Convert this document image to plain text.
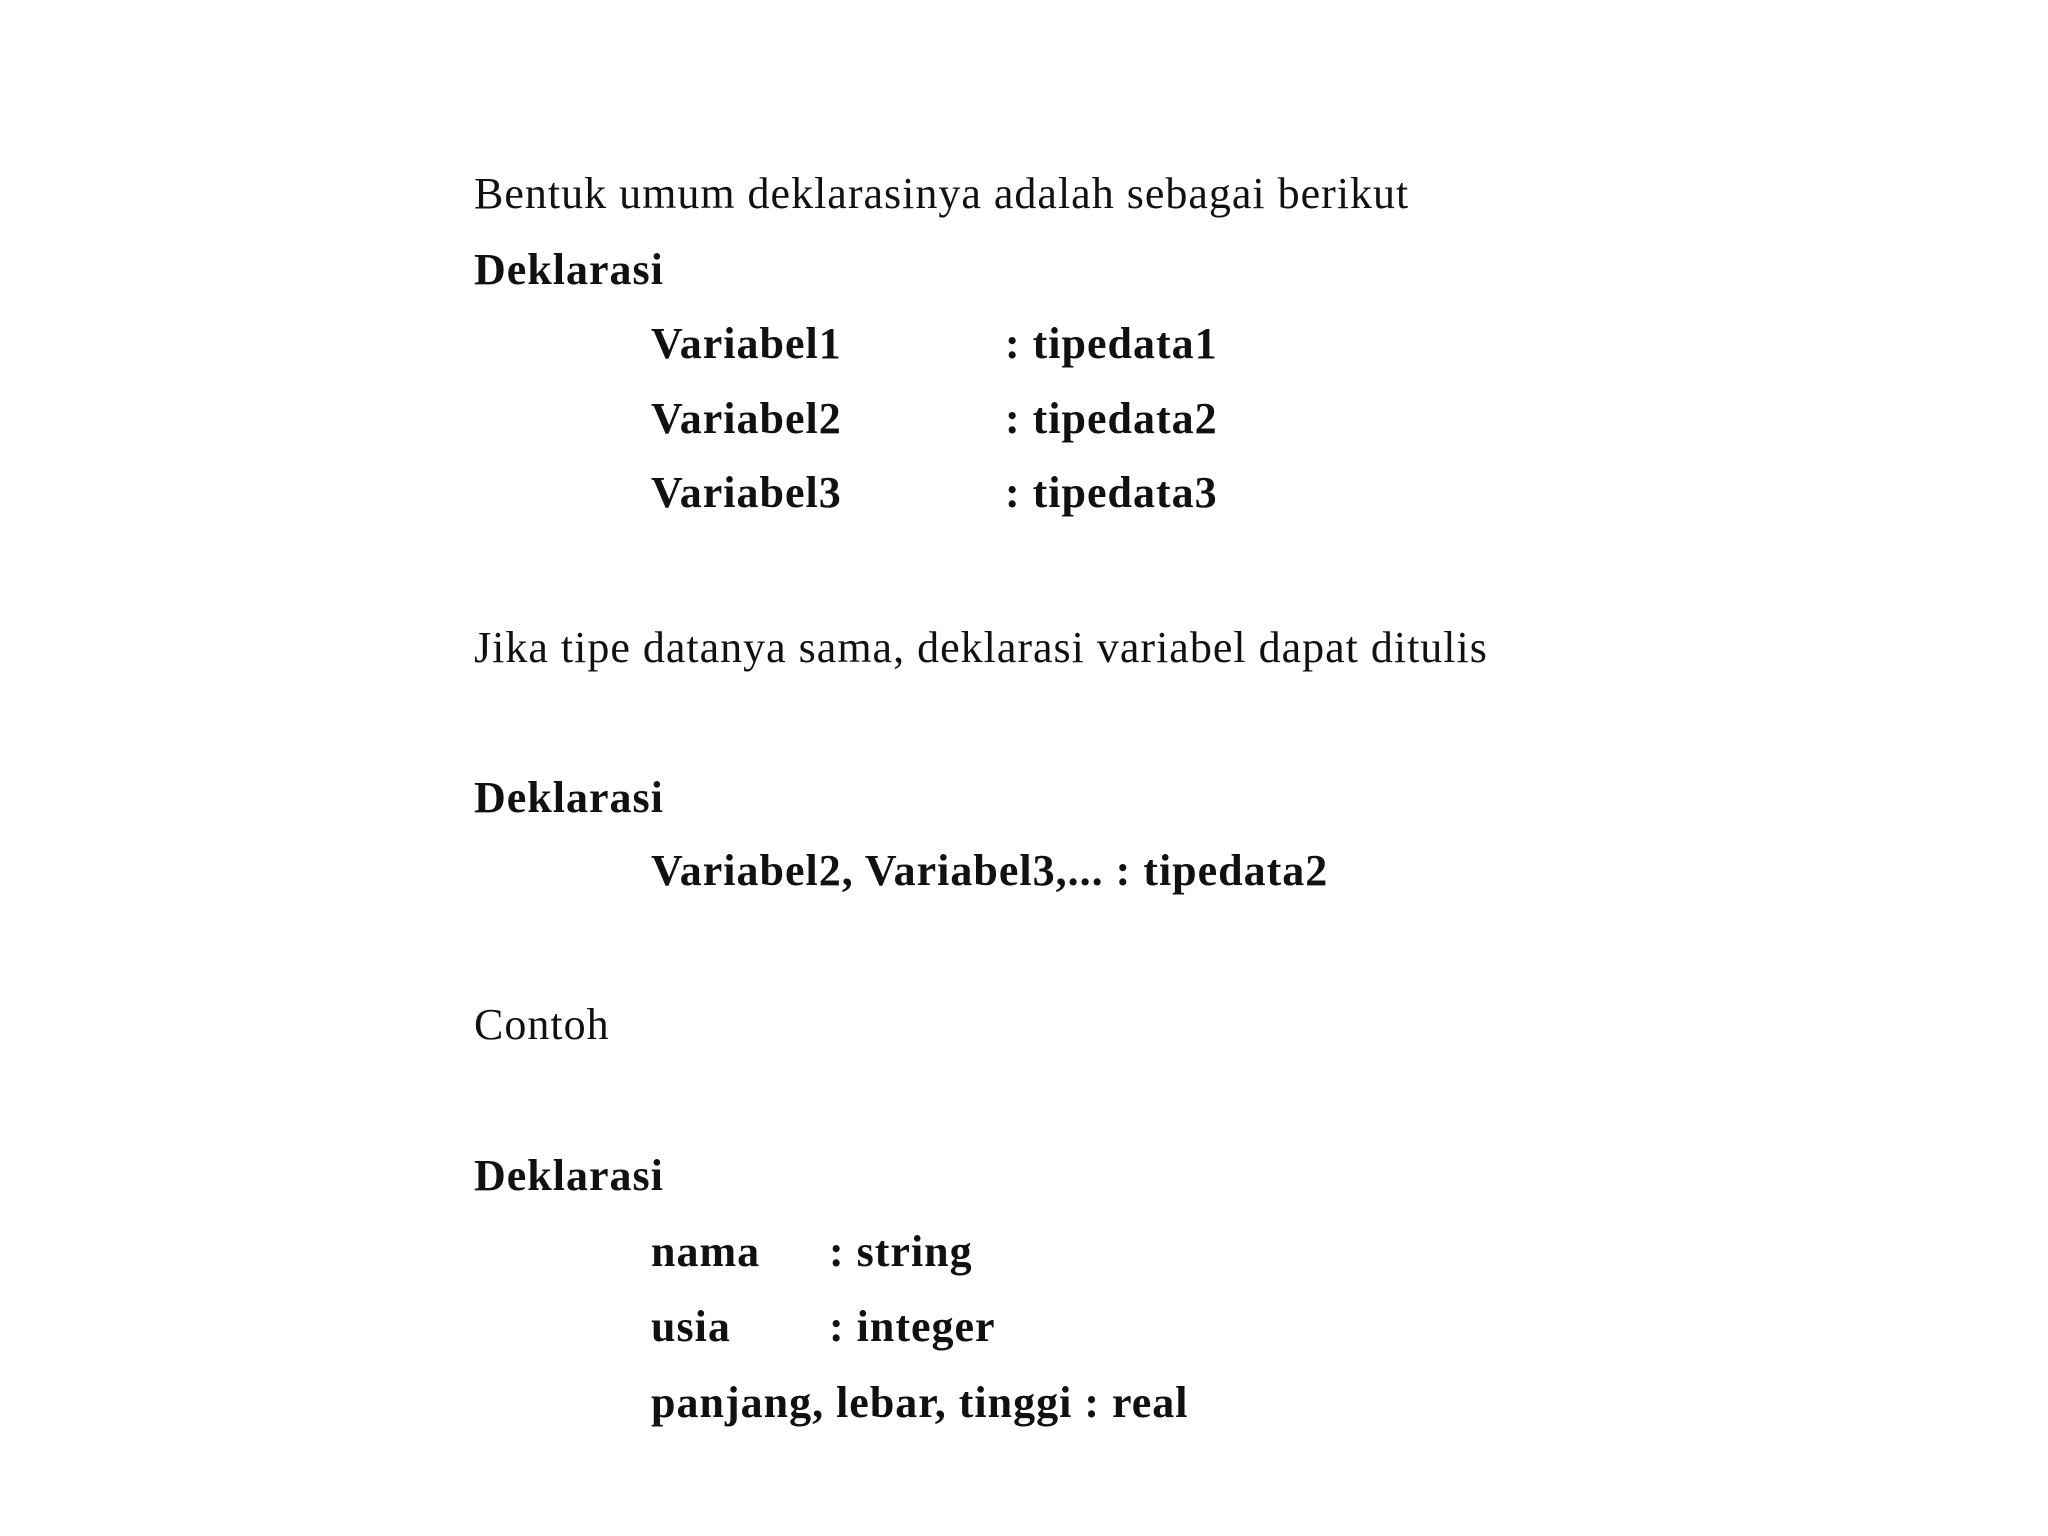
Bentuk umum deklarasinya adalah sebagai berikut
Deklarasi
Variabel1	: tipedata1
Variabel2	: tipedata2
Variabel3	: tipedata3
Jika tipe datanya sama, deklarasi variabel dapat ditulis
Deklarasi
Variabel2, Variabel3,... : tipedata2
Contoh
Deklarasi
nama : string
usia : integer
panjang, lebar, tinggi : real
